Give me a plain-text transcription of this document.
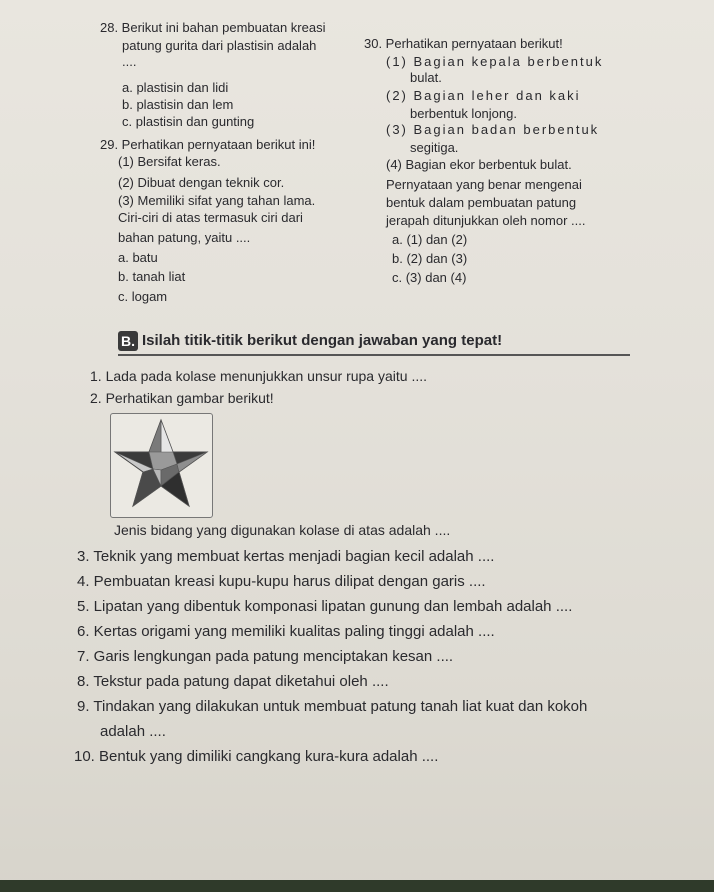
28. Berikut ini bahan pembuatan kreasi
patung gurita dari plastisin adalah
....
a. plastisin dan lidi
b. plastisin dan lem
c. plastisin dan gunting
29. Perhatikan pernyataan berikut ini!
(1) Bersifat keras.
(2) Dibuat dengan teknik cor.
(3) Memiliki sifat yang tahan lama.
Ciri-ciri di atas termasuk ciri dari
bahan patung, yaitu ....
a. batu
b. tanah liat
c. logam
30. Perhatikan pernyataan berikut!
(1) Bagian kepala berbentuk
bulat.
(2) Bagian leher dan kaki
berbentuk lonjong.
(3) Bagian badan berbentuk
segitiga.
(4) Bagian ekor berbentuk bulat.
Pernyataan yang benar mengenai
bentuk dalam pembuatan patung
jerapah ditunjukkan oleh nomor ....
a. (1) dan (2)
b. (2) dan (3)
c. (3) dan (4)
B. Isilah titik-titik berikut dengan jawaban yang tepat!
1. Lada pada kolase menunjukkan unsur rupa yaitu ....
2. Perhatikan gambar berikut!
Jenis bidang yang digunakan kolase di atas adalah ....
3. Teknik yang membuat kertas menjadi bagian kecil adalah ....
4. Pembuatan kreasi kupu-kupu harus dilipat dengan garis ....
5. Lipatan yang dibentuk komponasi lipatan gunung dan lembah adalah ....
6. Kertas origami yang memiliki kualitas paling tinggi adalah ....
7. Garis lengkungan pada patung menciptakan kesan ....
8. Tekstur pada patung dapat diketahui oleh ....
9. Tindakan yang dilakukan untuk membuat patung tanah liat kuat dan kokoh
adalah ....
10. Bentuk yang dimiliki cangkang kura-kura adalah ....
